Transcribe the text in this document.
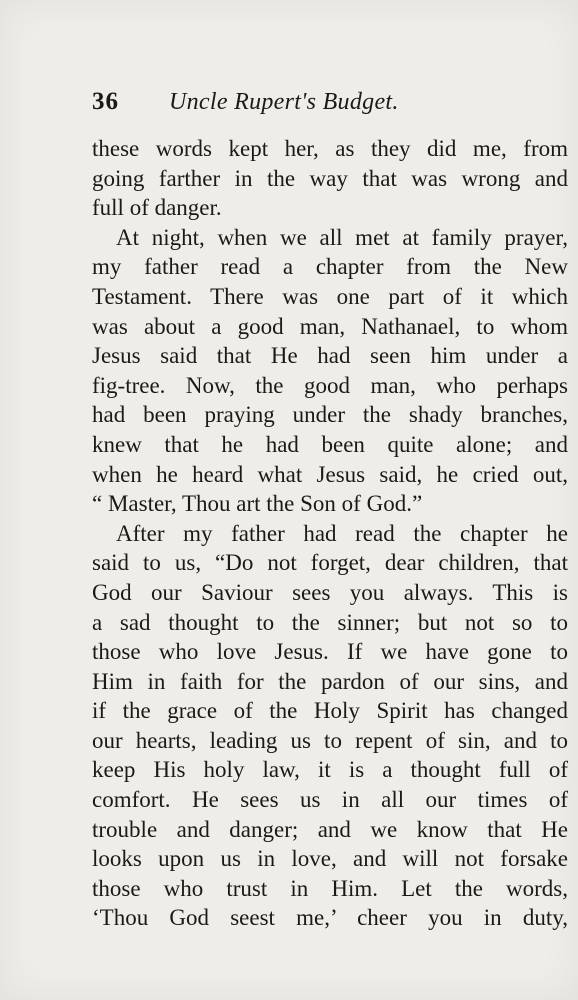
36 Uncle Rupert's Budget.
these words kept her, as they did me, from
going farther in the way that was wrong and
full of danger.
At night, when we all met at family prayer,
my father read a chapter from the New
Testament. There was one part of it which
was about a good man, Nathanael, to whom
Jesus said that He had seen him under a
fig-tree. Now, the good man, who perhaps
had been praying under the shady branches,
knew that he had been quite alone; and
when he heard what Jesus said, he cried out,
“ Master, Thou art the Son of God.”
After my father had read the chapter he
said to us, “Do not forget, dear children, that
God our Saviour sees you always. This is
a sad thought to the sinner; but not so to
those who love Jesus. If we have gone to
Him in faith for the pardon of our sins, and
if the grace of the Holy Spirit has changed
our hearts, leading us to repent of sin, and to
keep His holy law, it is a thought full of
comfort. He sees us in all our times of
trouble and danger; and we know that He
looks upon us in love, and will not forsake
those who trust in Him. Let the words,
‘Thou God seest me,’ cheer you in duty,
